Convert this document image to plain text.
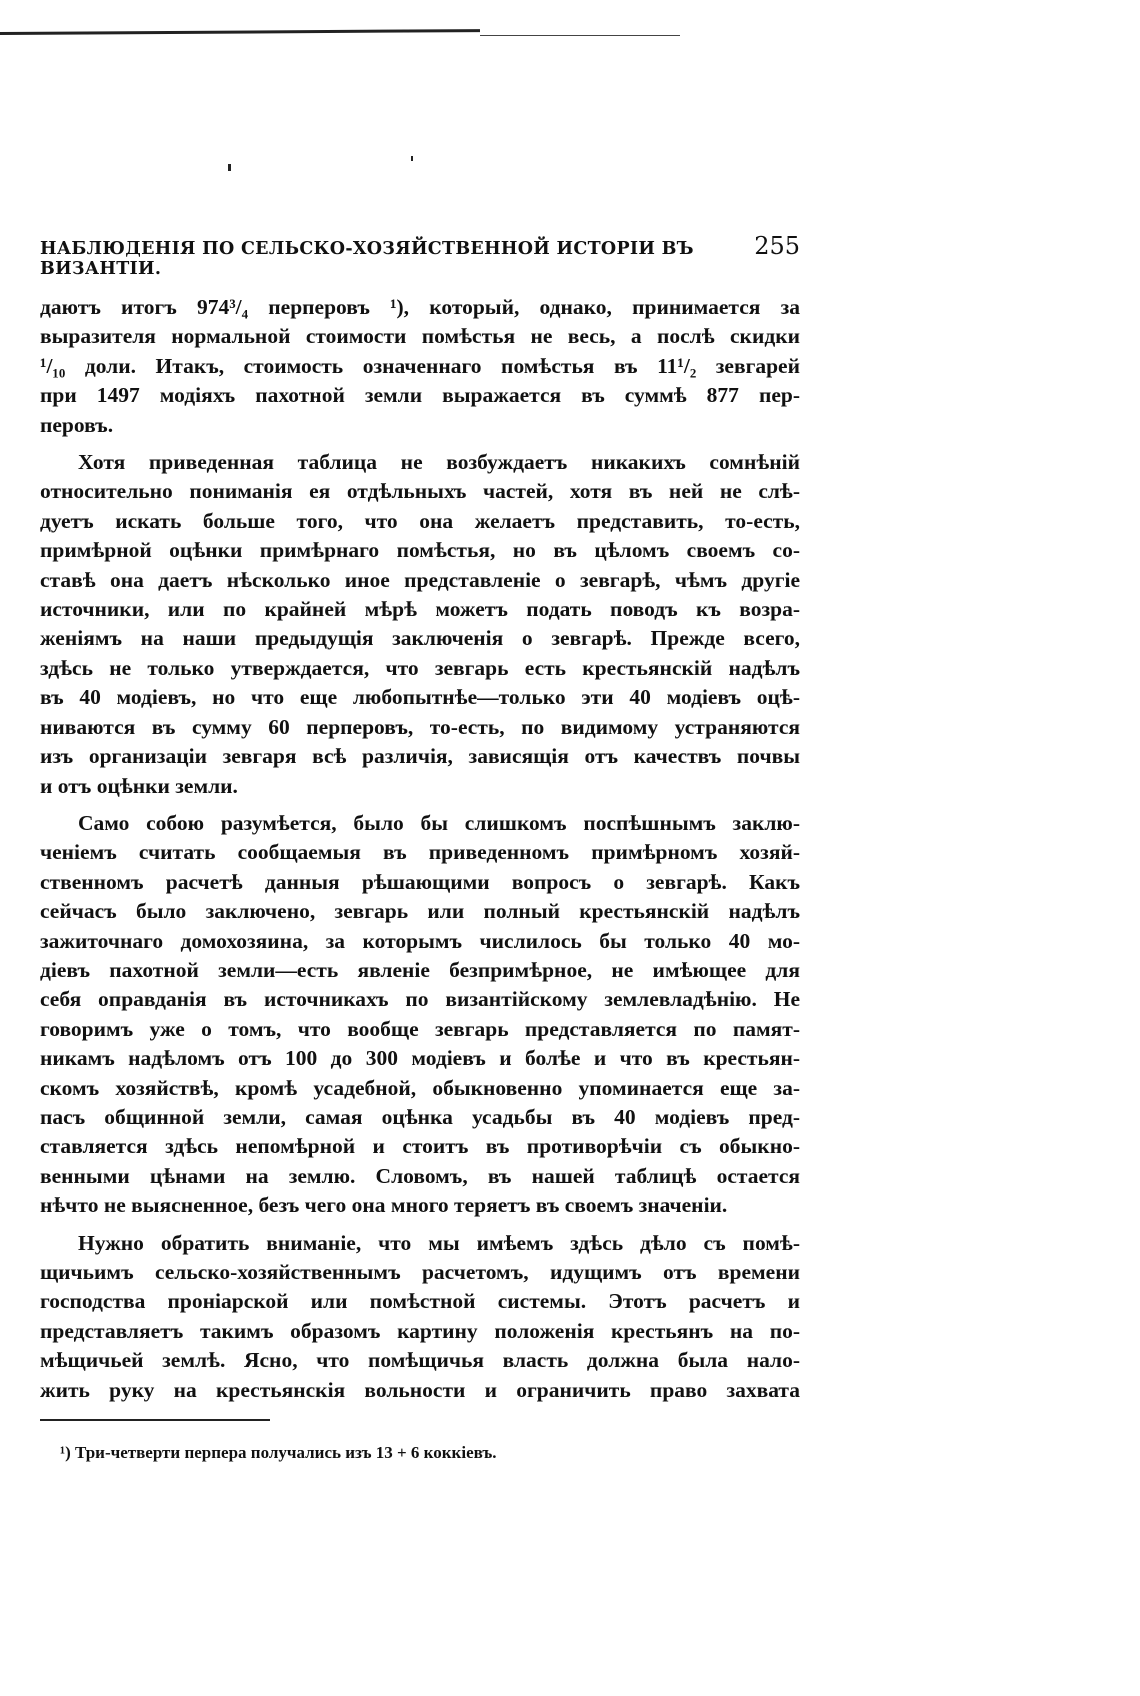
НАБЛЮДЕНІЯ ПО СЕЛЬСКО-ХОЗЯЙСТВЕННОЙ ИСТОРІИ ВЪ ВИЗАНТІИ.
255

даютъ итогъ 974³/₄ перперовъ ¹), который, однако, принимается за
выразителя нормальной стоимости помѣстья не весь, а послѣ скидки
¹/₁₀ доли. Итакъ, стоимость означеннаго помѣстья въ 11¹/₂ зевгарей
при 1497 модіяхъ пахотной земли выражается въ суммѣ 877 пер-
перовъ.

Хотя приведенная таблица не возбуждаетъ никакихъ сомнѣній
относительно пониманія ея отдѣльныхъ частей, хотя въ ней не слѣ-
дуетъ искать больше того, что она желаетъ представить, то-есть,
примѣрной оцѣнки примѣрнаго помѣстья, но въ цѣломъ своемъ со-
ставѣ она даетъ нѣсколько иное представленіе о зевгарѣ, чѣмъ другіе
источники, или по крайней мѣрѣ можетъ подать поводъ къ возра-
женіямъ на наши предыдущія заключенія о зевгарѣ. Прежде всего,
здѣсь не только утверждается, что зевгарь есть крестьянскій надѣлъ
въ 40 модіевъ, но что еще любопытнѣе—только эти 40 модіевъ оцѣ-
ниваются въ сумму 60 перперовъ, то-есть, по видимому устраняются
изъ организаціи зевгаря всѣ различія, зависящія отъ качествъ почвы
и отъ оцѣнки земли.

Само собою разумѣется, было бы слишкомъ поспѣшнымъ заклю-
ченіемъ считать сообщаемыя въ приведенномъ примѣрномъ хозяй-
ственномъ расчетѣ данныя рѣшающими вопросъ о зевгарѣ. Какъ
сейчасъ было заключено, зевгарь или полный крестьянскій надѣлъ
зажиточнаго домохозяина, за которымъ числилось бы только 40 мо-
діевъ пахотной земли—есть явленіе безпримѣрное, не имѣющее для
себя оправданія въ источникахъ по византійскому землевладѣнію. Не
говоримъ уже о томъ, что вообще зевгарь представляется по памят-
никамъ надѣломъ отъ 100 до 300 модіевъ и болѣе и что въ крестьян-
скомъ хозяйствѣ, кромѣ усадебной, обыкновенно упоминается еще за-
пасъ общинной земли, самая оцѣнка усадьбы въ 40 модіевъ пред-
ставляется здѣсь непомѣрной и стоитъ въ противорѣчіи съ обыкно-
венными цѣнами на землю. Словомъ, въ нашей таблицѣ остается
нѣчто не выясненное, безъ чего она много теряетъ въ своемъ значеніи.

Нужно обратить вниманіе, что мы имѣемъ здѣсь дѣло съ помѣ-
щичьимъ сельско-хозяйственнымъ расчетомъ, идущимъ отъ времени
господства проніарской или помѣстной системы. Этотъ расчетъ и
представляетъ такимъ образомъ картину положенія крестьянъ на по-
мѣщичьей землѣ. Ясно, что помѣщичья власть должна была нало-
жить руку на крестьянскія вольности и ограничить право захвата

¹) Три-четверти перпера получались изъ 13 + 6 коккіевъ.
